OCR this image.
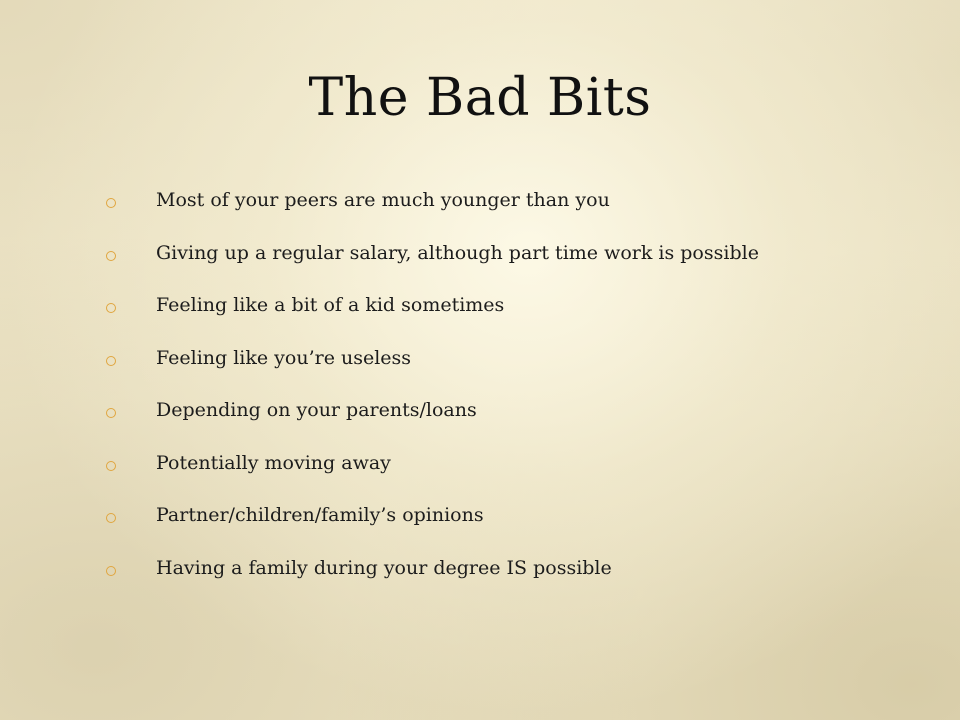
The Bad Bits
Most of your peers are much younger than you
Giving up a regular salary, although part time work is possible
Feeling like a bit of a kid sometimes
Feeling like you’re useless
Depending on your parents/loans
Potentially moving away
Partner/children/family’s opinions
Having a family during your degree IS possible
